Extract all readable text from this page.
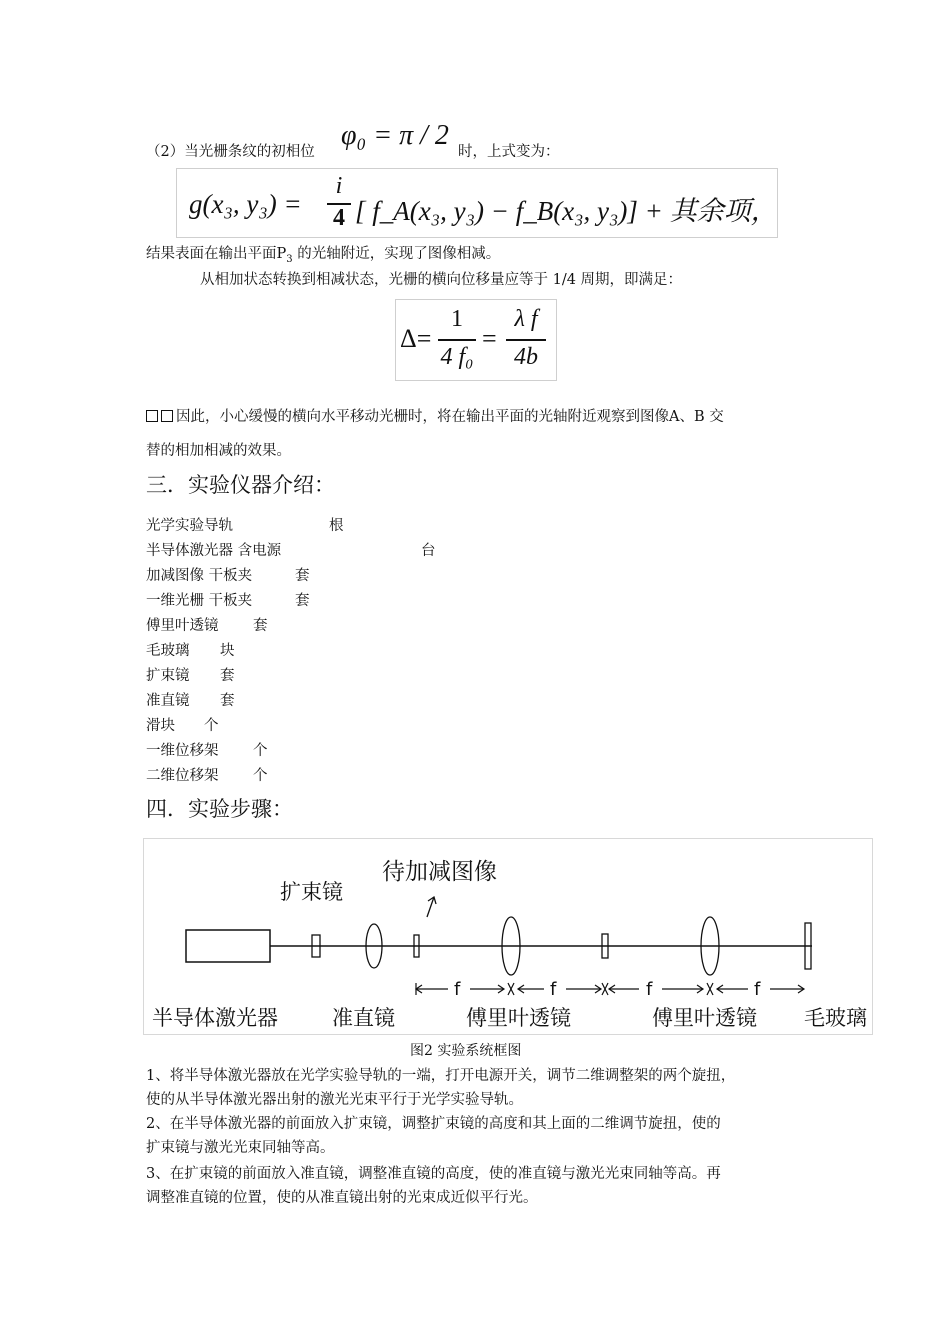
（2）当光栅条纹的初相位
φ₀ = π / 2
时，上式变为：
g(x₃, y₃) =
i
4 [ f_A(x₃, y₃) − f_B(x₃, y₃)] + 其余项，
结果表面在输出平面$P_3$ 的光轴附近，实现了图像相减。
从相加状态转换到相减状态，光栅的横向位移量应等于 1/4 周期，即满足：
Δ=
1
4 f₀
=
λ f
4b
因此，小心缓慢的横向水平移动光栅时，将在输出平面的光轴附近观察到图像A、B 交
替的相加相减的效果。
三．实验仪器介绍：
光学实验导轨	根
半导体激光器 含电源	台
加减图像 干板夹	套
一维光栅 干板夹	套
傅里叶透镜 套
毛玻璃 块
扩束镜 套
准直镜 套
滑块 个
一维位移架 个
二维位移架 个
四．实验步骤：
待加减图像
扩束镜
半导体激光器	准直镜	傅里叶透镜	傅里叶透镜 毛玻璃
f	f	f	f
图2 实验系统框图
1、将半导体激光器放在光学实验导轨的一端，打开电源开关，调节二维调整架的两个旋扭，
使的从半导体激光器出射的激光光束平行于光学实验导轨。
2、在半导体激光器的前面放入扩束镜，调整扩束镜的高度和其上面的二维调节旋扭，使的
扩束镜与激光光束同轴等高。
3、在扩束镜的前面放入准直镜，调整准直镜的高度，使的准直镜与激光光束同轴等高。再
调整准直镜的位置，使的从准直镜出射的光束成近似平行光。
